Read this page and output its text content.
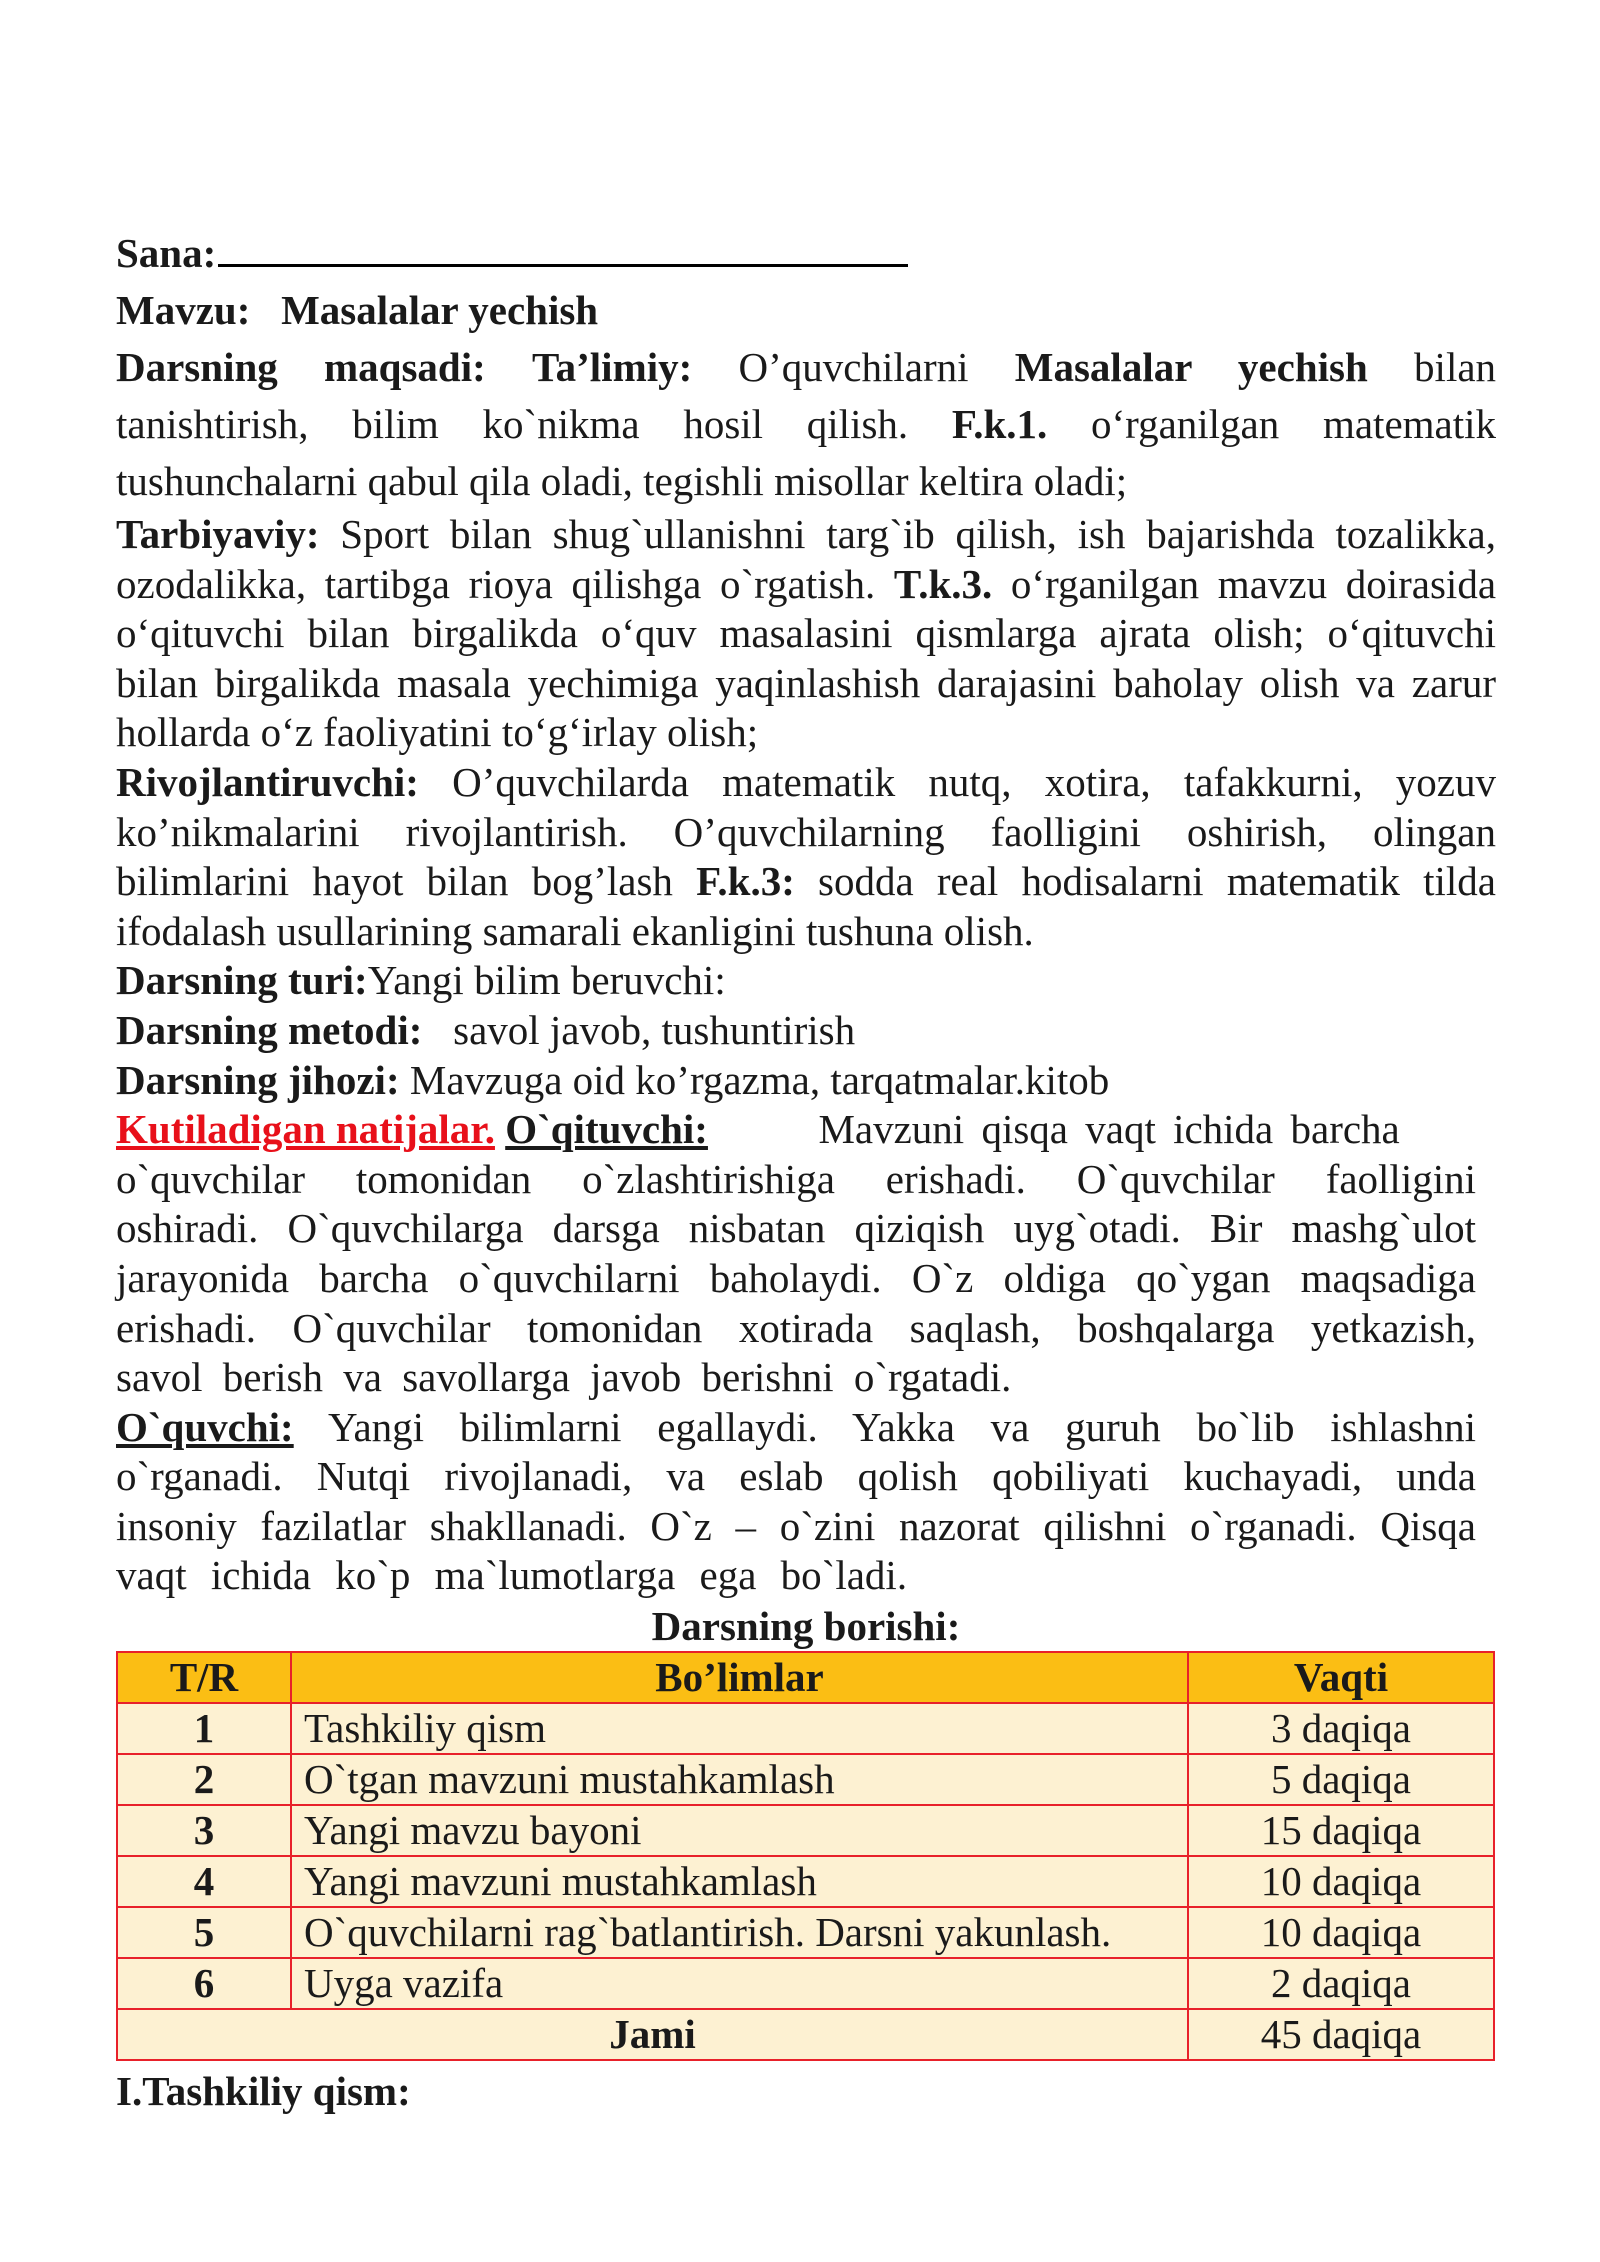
Sana:
Mavzu: Masalalar yechish
Darsning maqsadi: Ta’limiy: O’quvchilarni Masalalar yechish bilan
tanishtirish, bilim ko`nikma hosil qilish. F.k.1. o‘rganilgan matematik
tushunchalarni qabul qila oladi, tegishli misollar keltira oladi;
Tarbiyaviy: Sport bilan shug`ullanishni targ`ib qilish, ish bajarishda tozalikka,
ozodalikka, tartibga rioya qilishga o`rgatish. T.k.3. o‘rganilgan mavzu doirasida
o‘qituvchi bilan birgalikda o‘quv masalasini qismlarga ajrata olish; o‘qituvchi
bilan birgalikda masala yechimiga yaqinlashish darajasini baholay olish va zarur
hollarda o‘z faoliyatini to‘g‘irlay olish;
Rivojlantiruvchi: O’quvchilarda matematik nutq, xotira, tafakkurni, yozuv
ko’nikmalarini rivojlantirish. O’quvchilarning faolligini oshirish, olingan
bilimlarini hayot bilan bog’lash F.k.3: sodda real hodisalarni matematik tilda
ifodalash usullarining samarali ekanligini tushuna olish.
Darsning turi:Yangi bilim beruvchi:
Darsning metodi: savol javob, tushuntirish
Darsning jihozi: Mavzuga oid ko’rgazma, tarqatmalar.kitob
Kutiladigan natijalar. O`qituvchi:	Mavzuni qisqa vaqt ichida barcha
o`quvchilar tomonidan o`zlashtirishiga erishadi. O`quvchilar faolligini
oshiradi. O`quvchilarga darsga nisbatan qiziqish uyg`otadi. Bir mashg`ulot
jarayonida barcha o`quvchilarni baholaydi. O`z oldiga qo`ygan maqsadiga
erishadi. O`quvchilar tomonidan xotirada saqlash, boshqalarga yetkazish,
savol berish va savollarga javob berishni o`rgatadi.
O`quvchi: Yangi bilimlarni egallaydi. Yakka va guruh bo`lib ishlashni
o`rganadi. Nutqi rivojlanadi, va eslab qolish qobiliyati kuchayadi, unda
insoniy fazilatlar shakllanadi. O`z – o`zini nazorat qilishni o`rganadi. Qisqa
vaqt ichida ko`p ma`lumotlarga ega bo`ladi.
Darsning borishi:
T/R	Bo’limlar	Vaqti
1	Tashkiliy qism	3 daqiqa
2	O`tgan mavzuni mustahkamlash	5 daqiqa
3	Yangi mavzu bayoni	15 daqiqa
4	Yangi mavzuni mustahkamlash	10 daqiqa
5	O`quvchilarni rag`batlantirish. Darsni yakunlash.	10 daqiqa
6	Uyga vazifa	2 daqiqa
Jami		45 daqiqa
I.Tashkiliy qism:
